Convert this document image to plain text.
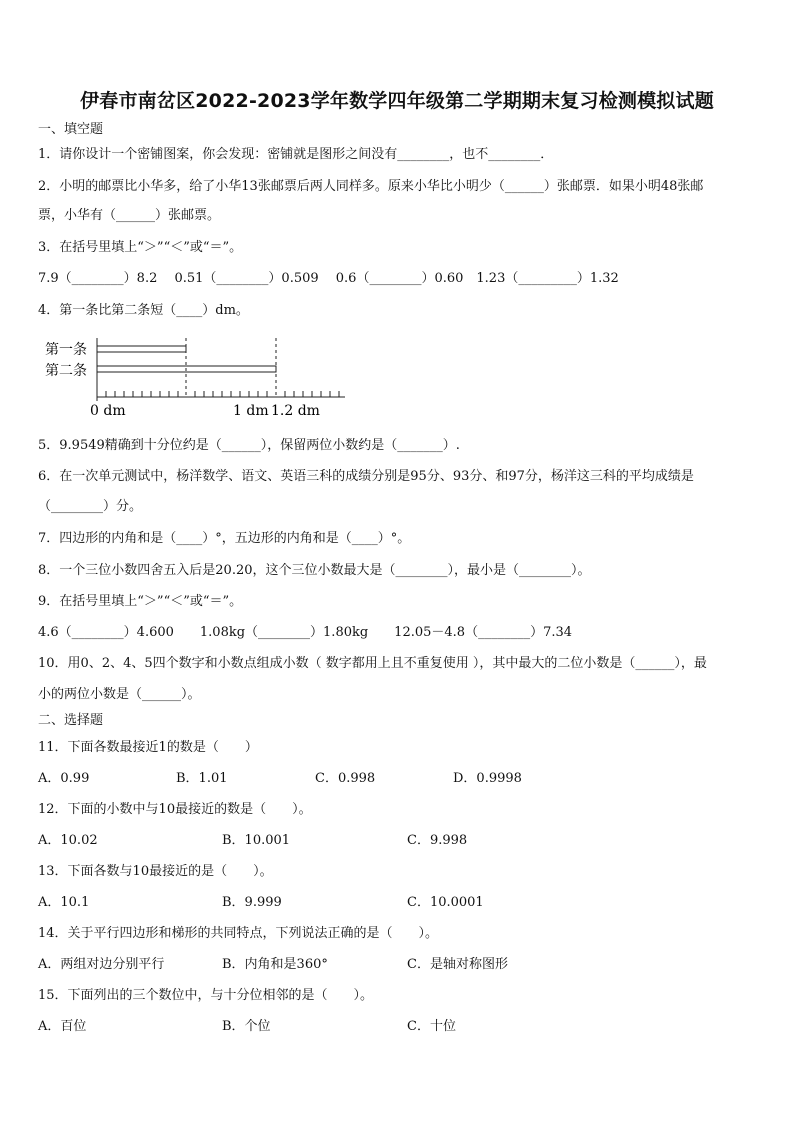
伊春市南岔区2022-2023学年数学四年级第二学期期末复习检测模拟试题
一、填空题
1．请你设计一个密铺图案，你会发现：密铺就是图形之间没有________，也不________．
2．小明的邮票比小华多，给了小华13张邮票后两人同样多。原来小华比小明少（______）张邮票．如果小明48张邮
票，小华有（______）张邮票。
3．在括号里填上“＞”“＜”或“＝”。
7.9（________）8.2　 0.51（________）0.509　 0.6（________）0.60　1.23（_________）1.32
4．第一条比第二条短（____）dm。
第一条
第二条
0 dm	1 dm 1.2 dm
5．9.9549精确到十分位约是（______），保留两位小数约是（_______）.
6．在一次单元测试中，杨洋数学、语文、英语三科的成绩分别是95分、93分、和97分，杨洋这三科的平均成绩是
（________）分。
7．四边形的内角和是（____）°，五边形的内角和是（____）°。
8．一个三位小数四舍五入后是20.20，这个三位小数最大是（________），最小是（________）。
9．在括号里填上“＞”“＜”或“＝”。
4.6（________）4.600　　1.08kg（________）1.80kg　　12.05－4.8（________）7.34
10．用0、2、4、5四个数字和小数点组成小数（ 数字都用上且不重复使用 ），其中最大的二位小数是（______），最
小的两位小数是（______）。
二、选择题
11．下面各数最接近1的数是（　　）
A．0.99	B．1.01	C．0.998	D．0.9998
12．下面的小数中与10最接近的数是（　　）。
A．10.02	B．10.001	C．9.998
13．下面各数与10最接近的是（　　）。
A．10.1	B．9.999	C．10.0001
14．关于平行四边形和梯形的共同特点，下列说法正确的是（　　）。
A．两组对边分别平行	B．内角和是360°	C．是轴对称图形
15．下面列出的三个数位中，与十分位相邻的是（　　）。
A．百位	B．个位	C．十位
